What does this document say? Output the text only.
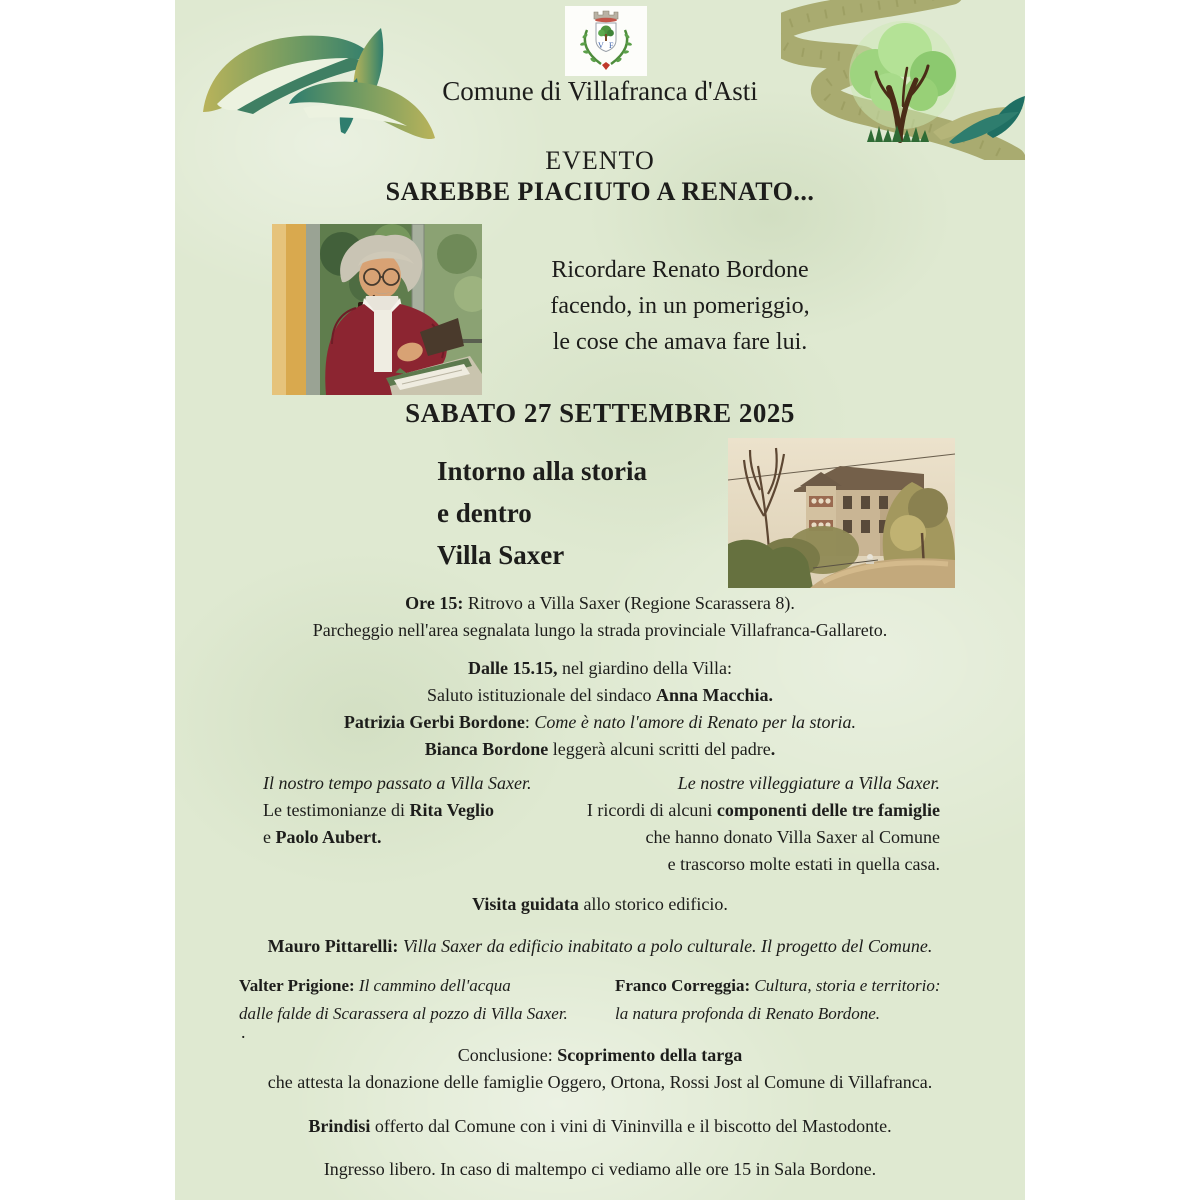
V F
Comune di Villafranca d'Asti
EVENTO
SAREBBE PIACIUTO A RENATO...
Ricordare Renato Bordone
facendo, in un pomeriggio,
le cose che amava fare lui.
SABATO 27 SETTEMBRE 2025
Intorno alla storia
e dentro
Villa Saxer
Ore 15: Ritrovo a Villa Saxer (Regione Scarassera 8).
Parcheggio nell'area segnalata lungo la strada provinciale Villafranca-Gallareto.
Dalle 15.15, nel giardino della Villa:
Saluto istituzionale del sindaco Anna Macchia.
Patrizia Gerbi Bordone: Come è nato l'amore di Renato per la storia.
Bianca Bordone leggerà alcuni scritti del padre.
Il nostro tempo passato a Villa Saxer.
Le testimonianze di Rita Veglio
e Paolo Aubert.
Le nostre villeggiature a Villa Saxer.
I ricordi di alcuni componenti delle tre famiglie
che hanno donato Villa Saxer al Comune
e trascorso molte estati in quella casa.
Visita guidata allo storico edificio.
Mauro Pittarelli: Villa Saxer da edificio inabitato a polo culturale. Il progetto del Comune.
Valter Prigione: Il cammino dell'acqua
dalle falde di Scarassera al pozzo di Villa Saxer.
Franco Correggia: Cultura, storia e territorio:
la natura profonda di Renato Bordone.
.
Conclusione: Scoprimento della targa
che attesta la donazione delle famiglie Oggero, Ortona, Rossi Jost al Comune di Villafranca.
Brindisi offerto dal Comune con i vini di Vininvilla e il biscotto del Mastodonte.
Ingresso libero. In caso di maltempo ci vediamo alle ore 15 in Sala Bordone.
